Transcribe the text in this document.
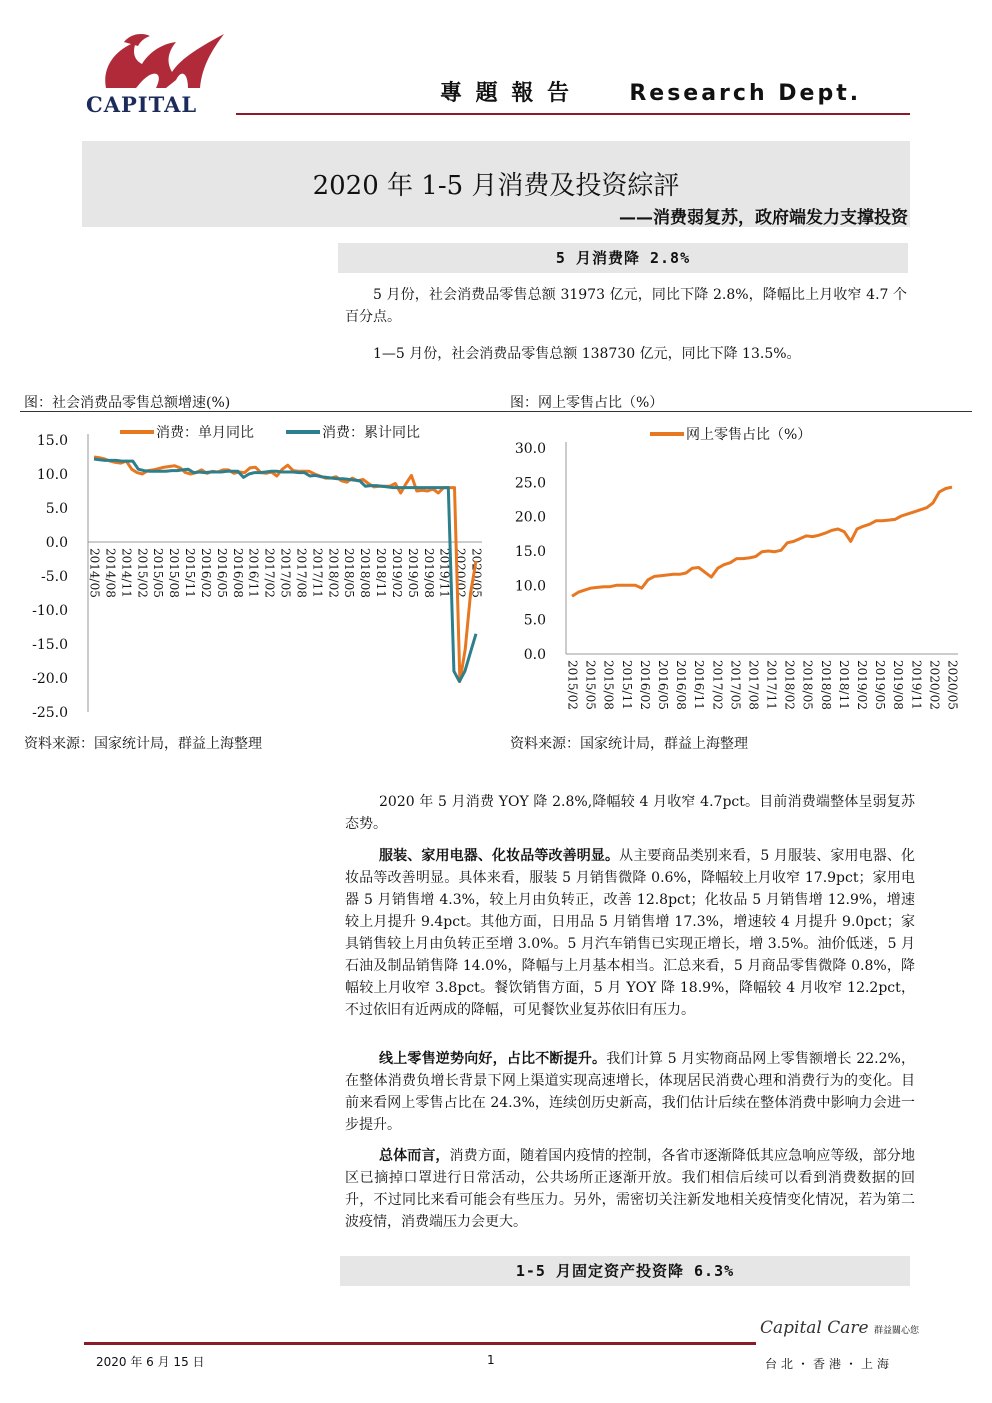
CAPITAL	專 題 報 告	Research Dept.
2020 年 1-5 月消费及投资綜評
——消费弱复苏，政府端发力支撑投资
5 月消费降 2.8%
5 月份，社会消费品零售总额 31973 亿元，同比下降 2.8%，降幅比上月收窄 4.7 个百分点。
1—5 月份，社会消费品零售总额 138730 亿元，同比下降 13.5%。
图：社会消费品零售总额增速(%)	图：网上零售占比（%）
15.0
10.0
5.0
0.0
-5.0
-10.0
-15.0
-20.0
-25.0
2014/05 2014/08 2014/11 2015/02 2015/05 2015/08 2015/11 2016/02 2016/05 2016/08 2016/11 2017/02 2017/05 2017/08 2017/11 2018/02 2018/05 2018/08 2018/11 2019/02 2019/05 2019/08 2019/11 2020/02 2020/05
消费：单月同比	消费：累计同比
30.0
25.0
20.0
15.0
10.0
5.0
0.0
2015/02 2015/05 2015/08 2015/11 2016/02 2016/05 2016/08 2016/11 2017/02 2017/05 2017/08 2017/11 2018/02 2018/05 2018/08 2018/11 2019/02 2019/05 2019/08 2019/11 2020/02 2020/05
网上零售占比（%）
资料来源：国家统计局，群益上海整理	资料来源：国家统计局，群益上海整理
2020 年 5 月消费 YOY 降 2.8%,降幅较 4 月收窄 4.7pct。目前消费端整体呈弱复苏态势。
服装、家用电器、化妆品等改善明显。从主要商品类别来看，5 月服装、家用电器、化妆品等改善明显。具体来看，服装 5 月销售微降 0.6%，降幅较上月收窄 17.9pct；家用电器 5 月销售增 4.3%，较上月由负转正，改善 12.8pct；化妆品 5 月销售增 12.9%，增速较上月提升 9.4pct。其他方面，日用品 5 月销售增 17.3%，增速较 4 月提升 9.0pct；家具销售较上月由负转正至增 3.0%。5 月汽车销售已实现正增长，增 3.5%。油价低迷，5 月石油及制品销售降 14.0%，降幅与上月基本相当。汇总来看，5 月商品零售微降 0.8%，降幅较上月收窄 3.8pct。餐饮销售方面，5 月 YOY 降 18.9%，降幅较 4 月收窄 12.2pct，不过依旧有近两成的降幅，可见餐饮业复苏依旧有压力。
线上零售逆势向好，占比不断提升。我们计算 5 月实物商品网上零售额增长 22.2%，在整体消费负增长背景下网上渠道实现高速增长，体现居民消费心理和消费行为的变化。目前来看网上零售占比在 24.3%，连续创历史新高，我们估计后续在整体消费中影响力会进一步提升。
总体而言，消费方面，随着国内疫情的控制，各省市逐渐降低其应急响应等级，部分地区已摘掉口罩进行日常活动，公共场所正逐渐开放。我们相信后续可以看到消费数据的回升，不过同比来看可能会有些压力。另外，需密切关注新发地相关疫情变化情况，若为第二波疫情，消费端压力会更大。
1-5 月固定资产投资降 6.3%
Capital Care 群益關心您
2020 年 6 月 15 日	1	台北・香港・上海
